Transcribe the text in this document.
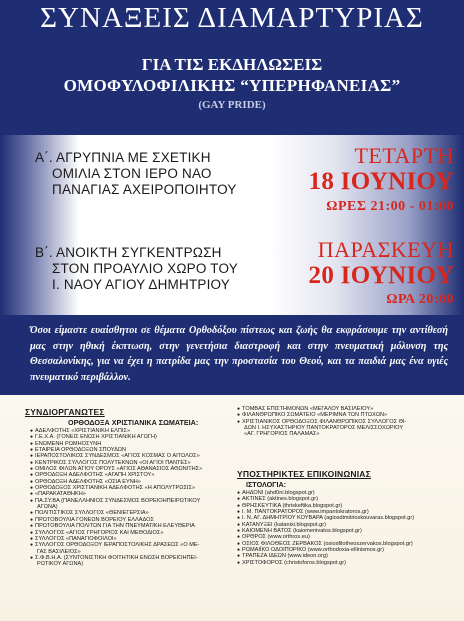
ΣΥΝΑΞΕΙΣ ΔΙΑΜΑΡΤΥΡΙΑΣ
ΓΙΑ ΤΙΣ ΕΚΔΗΛΩΣΕΙΣ
ΟΜΟΦΥΛΟΦΙΛΙΚΗΣ “ΥΠΕΡΗΦΑΝΕΙΑΣ”
(GAY PRIDE)
Α΄. ΑΓΡΥΠΝΙΑ ΜΕ ΣΧΕΤΙΚΗ
ΟΜΙΛΙΑ ΣΤΟΝ ΙΕΡΟ ΝΑΟ
ΠΑΝΑΓΙΑΣ ΑΧΕΙΡΟΠΟΙΗΤΟΥ
ΤΕΤΑΡΤΗ
18 ΙΟΥΝΙΟΥ
ΩΡΕΣ 21:00 - 01:00
Β΄. ΑΝΟΙΚΤΗ ΣΥΓΚΕΝΤΡΩΣΗ
ΣΤΟΝ ΠΡΟΑΥΛΙΟ ΧΩΡΟ ΤΟΥ
Ι. ΝΑΟΥ ΑΓΙΟΥ ΔΗΜΗΤΡΙΟΥ
ΠΑΡΑΣΚΕΥΗ
20 ΙΟΥΝΙΟΥ
ΩΡΑ 20:00
Όσοι είμαστε ευαίσθητοι σε θέματα Ορθοδόξου πίστεως και ζωής θα εκφράσουμε την αντίθεσή μας στην ηθική έκπτωση, στην γενετήσια διαστροφή και στην πνευματική μόλυνση της Θεσσαλονίκης, για να έχει η πατρίδα μας την προστασία του Θεού, και τα παιδιά μας ένα υγιές πνευματικό περιβάλλον.
ΣΥΝΔΙΟΡΓΑΝΩΤΕΣ
ΟΡΘΟΔΟΞΑ ΧΡΙΣΤΙΑΝΙΚΑ ΣΩΜΑΤΕΙΑ:
● ΑΔΕΛΦΟΤΗΣ «ΧΡΙΣΤΙΑΝΙΚΗ ΕΛΠΙΣ»
● Γ.Ε.Χ.Α. (ΓΟΝΕΙΣ ΕΝΩΣΗ ΧΡΙΣΤΙΑΝΙΚΗ ΑΓΩΓΗ)
● ΕΝΩΜΕΝΗ ΡΩΜΗΟΣΥΝΗ
● ΕΤΑΙΡΕΙΑ ΟΡΘΟΔΟΞΩΝ ΣΠΟΥΔΩΝ
● ΙΕΡΑΠΟΣΤΟΛΙΚΟΣ ΣΥΝΔΕΣΜΟΣ «ΑΓΙΟΣ ΚΟΣΜΑΣ Ο ΑΙΤΩΛΟΣ»
● ΚΕΝΤΡΙΚΟΣ ΣΥΛΛΟΓΟΣ ΠΟΛΥΤΕΚΝΩΝ «ΟΙ ΑΓΙΟΙ ΠΑΝΤΕΣ»
● ΟΜΙΛΟΣ ΦΙΛΩΝ ΑΓΙΟΥ ΟΡΟΥΣ «ΑΓΙΟΣ ΑΘΑΝΑΣΙΟΣ ΑΘΩΝΙΤΗΣ»
● ΟΡΘΟΔΟΞΗ ΑΔΕΛΦΟΤΗΣ «ΑΓΑΠΗ ΧΡΙΣΤΟΥ»
● ΟΡΘΟΔΟΞΗ ΑΔΕΛΦΟΤΗΣ «ΟΣΙΑ ΕΥΝΗ»
● ΟΡΘΟΔΟΞΟΣ ΧΡΙΣΤΙΑΝΙΚΗ ΑΔΕΛΦΟΤΗΣ «Η ΑΠΟΛΥΤΡΩΣΙΣ»
● «ΠΑΡΑΚΑΤΑΘΗΚΗ»
● ΠΑ.ΣΥ.ΒΑ (ΠΑΝΕΛΛΗΝΙΟΣ ΣΥΝΔΕΣΜΟΣ ΒΟΡΕΙΟΗΠΕΙΡΩΤΙΚΟΥ
ΑΓΩΝΑ)
● ΠΟΛΙΤΙΣΤΙΚΟΣ ΣΥΛΛΟΓΟΣ «ΘΕΝΙΕΓΕΡΣΙΑ»
● ΠΡΩΤΟΒΟΥΛΙΑ ΓΟΝΕΩΝ ΒΟΡΕΙΟΥ ΕΛΛΑΔΟΣ
● ΠΡΩΤΟΒΟΥΛΙΑ ΠΟΛΙΤΩΝ ΓΙΑ ΤΗΝ ΠΝΕΥΜΑΤΙΚΗ ΕΛΕΥΘΕΡΙΑ
● ΣΥΛΛΟΓΟΣ «ΑΓΙΟΣ ΓΡΗΓΟΡΙΟΣ ΚΑΙ ΜΕΘΟΔΙΟΣ»
● ΣΥΛΛΟΓΟΣ «ΠΑΝΑΓΙΟΦΟΙΛΟΙ»
● ΣΥΛΛΟΓΟΣ ΟΡΘΟΔΟΞΟΥ ΙΕΡΑΠΟΣΤΟΛΙΚΗΣ ΔΡΑΣΕΩΣ «Ο ΜΕ-
ΓΑΣ ΒΑΣΙΛΕΙΟΣ»
● Σ.Φ.Β.Η.Α. (ΣΥΝΤΟΝΙΣΤΙΚΗ ΦΟΙΤΗΤΙΚΗ ΕΝΩΣΗ ΒΟΡΕΙΟΗΠΕΙ-
ΡΩΤΙΚΟΥ ΑΓΩΝΑ)
● ΤΟΜΒΑΣ ΕΠΙΣΤΗΜΟΝΩΝ «ΜΕΓΑΛΟΥ ΒΑΣΙΛΕΙΟΥ»
● ΦΙΛΑΝΘΡΩΠΙΚΟ ΣΩΜΑΤΕΙΟ «ΜΕΡΙΜΝΑ ΤΩΝ ΠΤΩΧΩΝ»
● ΧΡΙΣΤΙΑΝΙΚΟΣ ΟΡΘΟΔΟΞΟΣ ΦΙΛΑΝΘΡΩΠΙΚΟΣ ΣΥΛΛΟΓΟΣ ΘΙ-
ΔΩΝ Ι. ΗΣΥΧΑΣΤΗΡΙΟΥ ΠΑΝΤΟΚΡΑΤΟΡΟΣ ΜΕΛΙΣΣΟΧΩΡΙΟΥ
«ΑΓ. ΓΡΗΓΟΡΙΟΣ ΠΑΛΑΜΑΣ»
ΥΠΟΣΤΗΡΙΚΤΕΣ ΕΠΙΚΟΙΝΩΝΙΑΣ
ΙΣΤΟΛΟΓΙΑ:
● ΑΗΔΟΝΙ (ahd0ni.blogspot.gr)
● ΑΚΤΙΝΕΣ (aktines.blogspot.gr)
● ΘΡΗΣΚΕΥΤΙΚΑ (thriskeftika.blogspot.gr)
● Ι. Μ. ΠΑΝΤΟΚΡΑΤΟΡΟΣ (www.impantokratoros.gr)
● Ι. Ν. ΑΓ. ΔΗΜΗΤΡΙΟΥ ΚΟΥΒΑΡΑ (agiosdimitrioskouvaras.blogspot.gr)
● ΚΑΤΑΝΥΞΕΙ (katanixi.blogspot.gr)
● ΚΑΙΟΜΕΝΗ ΒΑΤΟΣ (kaiomenivatos.blogspot.gr)
● ΟΡΘΡΟΣ (www.orthros.eu)
● ΟΣΙΟΣ ΦΙΛΟΘΕΟΣ ΖΕΡΒΑΚΟΣ (osiosfilotheoszervakos.blogspot.gr)
● ΡΩΜΑΙΪΚΟ ΟΔΟΙΠΟΡΙΚΟ (www.orthodoxia-ellinismos.gr)
● ΤΡΑΠΕΖΑ ΙΔΕΩΝ (www.ideon.org)
● ΧΡΙΣΤΟΦΟΡΟΣ (christoforos.blogspot.gr)
